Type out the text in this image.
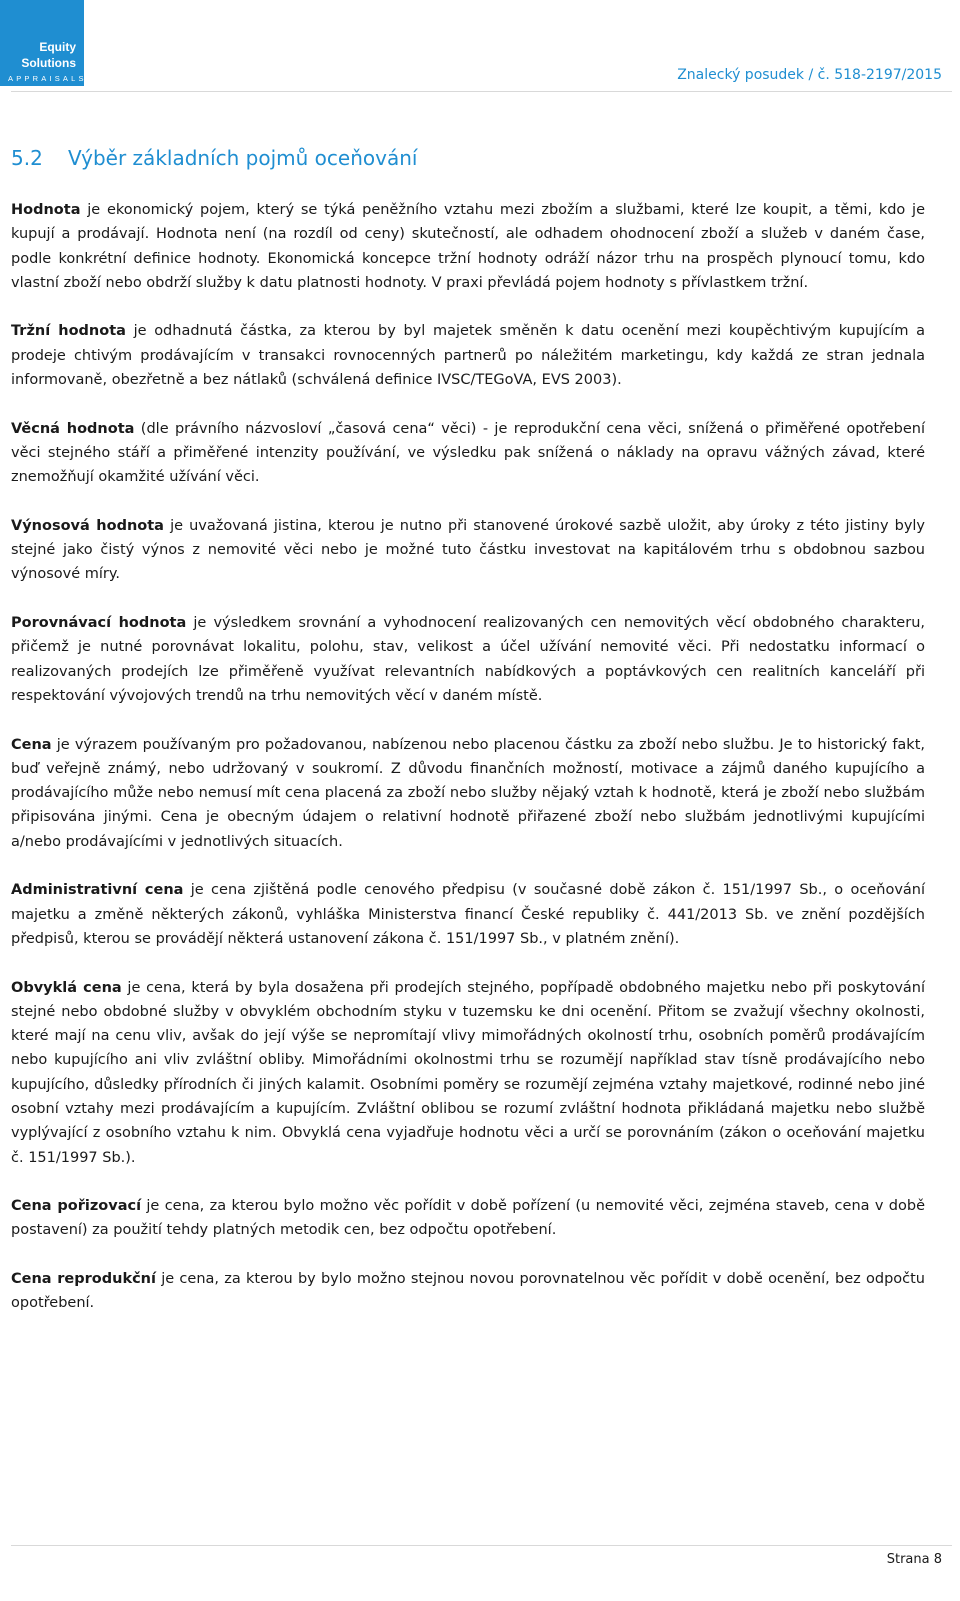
Equity
Solutions
APPRAISALS	Znalecký posudek / č. 518-2197/2015
5.2 Výběr základních pojmů oceňování

Hodnota je ekonomický pojem, který se týká peněžního vztahu mezi zbožím a službami, které lze koupit, a těmi, kdo je kupují a prodávají. Hodnota není (na rozdíl od ceny) skutečností, ale odhadem ohodnocení zboží a služeb v daném čase, podle konkrétní definice hodnoty. Ekonomická koncepce tržní hodnoty odráží názor trhu na prospěch plynoucí tomu, kdo vlastní zboží nebo obdrží služby k datu platnosti hodnoty. V praxi převládá pojem hodnoty s přívlastkem tržní.

Tržní hodnota je odhadnutá částka, za kterou by byl majetek směněn k datu ocenění mezi koupěchtivým kupujícím a prodeje chtivým prodávajícím v transakci rovnocenných partnerů po náležitém marketingu, kdy každá ze stran jednala informovaně, obezřetně a bez nátlaků (schválená definice IVSC/TEGoVA, EVS 2003).

Věcná hodnota (dle právního názvosloví „časová cena“ věci) - je reprodukční cena věci, snížená o přiměřené opotřebení věci stejného stáří a přiměřené intenzity používání, ve výsledku pak snížená o náklady na opravu vážných závad, které znemožňují okamžité užívání věci.

Výnosová hodnota je uvažovaná jistina, kterou je nutno při stanovené úrokové sazbě uložit, aby úroky z této jistiny byly stejné jako čistý výnos z nemovité věci nebo je možné tuto částku investovat na kapitálovém trhu s obdobnou sazbou výnosové míry.

Porovnávací hodnota je výsledkem srovnání a vyhodnocení realizovaných cen nemovitých věcí obdobného charakteru, přičemž je nutné porovnávat lokalitu, polohu, stav, velikost a účel užívání nemovité věci. Při nedostatku informací o realizovaných prodejích lze přiměřeně využívat relevantních nabídkových a poptávkových cen realitních kanceláří při respektování vývojových trendů na trhu nemovitých věcí v daném místě.

Cena je výrazem používaným pro požadovanou, nabízenou nebo placenou částku za zboží nebo službu. Je to historický fakt, buď veřejně známý, nebo udržovaný v soukromí. Z důvodu finančních možností, motivace a zájmů daného kupujícího a prodávajícího může nebo nemusí mít cena placená za zboží nebo služby nějaký vztah k hodnotě, která je zboží nebo službám připisována jinými. Cena je obecným údajem o relativní hodnotě přiřazené zboží nebo službám jednotlivými kupujícími a/nebo prodávajícími v jednotlivých situacích.

Administrativní cena je cena zjištěná podle cenového předpisu (v současné době zákon č. 151/1997 Sb., o oceňování majetku a změně některých zákonů, vyhláška Ministerstva financí České republiky č. 441/2013 Sb. ve znění pozdějších předpisů, kterou se provádějí některá ustanovení zákona č. 151/1997 Sb., v platném znění).

Obvyklá cena je cena, která by byla dosažena při prodejích stejného, popřípadě obdobného majetku nebo při poskytování stejné nebo obdobné služby v obvyklém obchodním styku v tuzemsku ke dni ocenění. Přitom se zvažují všechny okolnosti, které mají na cenu vliv, avšak do její výše se nepromítají vlivy mimořádných okolností trhu, osobních poměrů prodávajícím nebo kupujícího ani vliv zvláštní obliby. Mimořádními okolnostmi trhu se rozumějí například stav tísně prodávajícího nebo kupujícího, důsledky přírodních či jiných kalamit. Osobními poměry se rozumějí zejména vztahy majetkové, rodinné nebo jiné osobní vztahy mezi prodávajícím a kupujícím. Zvláštní oblibou se rozumí zvláštní hodnota přikládaná majetku nebo službě vyplývající z osobního vztahu k nim. Obvyklá cena vyjadřuje hodnotu věci a určí se porovnáním (zákon o oceňování majetku č. 151/1997 Sb.).

Cena pořizovací je cena, za kterou bylo možno věc pořídit v době pořízení (u nemovité věci, zejména staveb, cena v době postavení) za použití tehdy platných metodik cen, bez odpočtu opotřebení.

Cena reprodukční je cena, za kterou by bylo možno stejnou novou porovnatelnou věc pořídit v době ocenění, bez odpočtu opotřebení.

Strana 8
